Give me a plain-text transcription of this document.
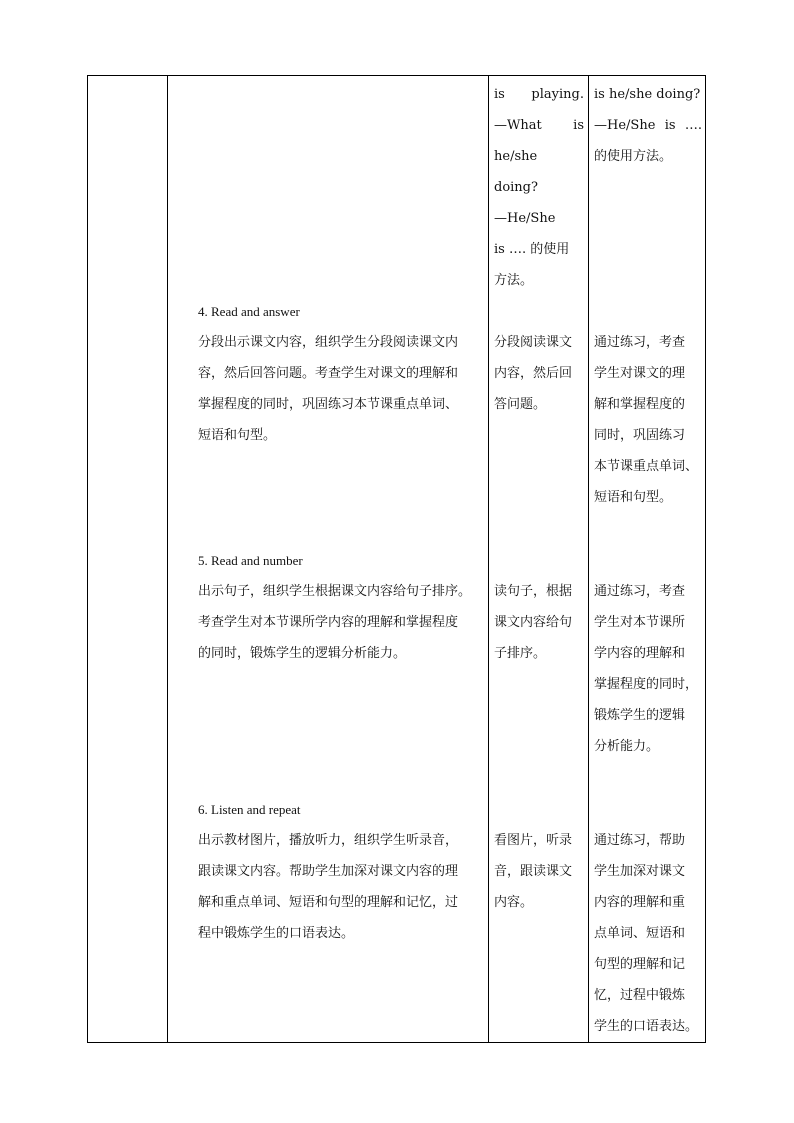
is playing.

—What is

he/she doing?

—He/She

is …. 的使用

方法。

is he/she doing?

—He/She is ….

的使用方法。

4. Read and answer

分段出示课文内容，组织学生分段阅读课文内

容，然后回答问题。考查学生对课文的理解和

掌握程度的同时，巩固练习本节课重点单词、

短语和句型。

分段阅读课文

内容，然后回

答问题。

通过练习，考查

学生对课文的理

解和掌握程度的

同时，巩固练习

本节课重点单词、

短语和句型。

5. Read and number

出示句子，组织学生根据课文内容给句子排序。

考查学生对本节课所学内容的理解和掌握程度

的同时，锻炼学生的逻辑分析能力。

读句子，根据

课文内容给句

子排序。

通过练习，考查

学生对本节课所

学内容的理解和

掌握程度的同时，

锻炼学生的逻辑

分析能力。

6. Listen and repeat

出示教材图片，播放听力，组织学生听录音，

跟读课文内容。帮助学生加深对课文内容的理

解和重点单词、短语和句型的理解和记忆，过

程中锻炼学生的口语表达。

看图片，听录

音，跟读课文

内容。

通过练习，帮助

学生加深对课文

内容的理解和重

点单词、短语和

句型的理解和记

忆，过程中锻炼

学生的口语表达。
